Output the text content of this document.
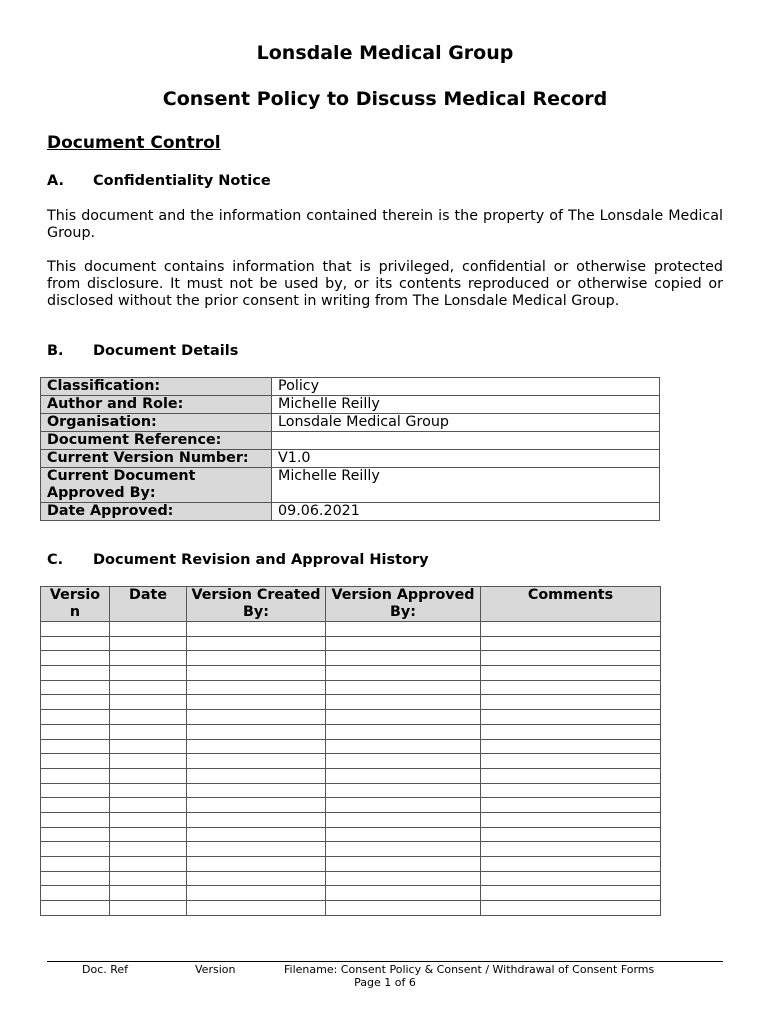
Lonsdale Medical Group
Consent Policy to Discuss Medical Record
Document Control
A. Confidentiality Notice
This document and the information contained therein is the property of The Lonsdale Medical Group.
This document contains information that is privileged, confidential or otherwise protected from disclosure. It must not be used by, or its contents reproduced or otherwise copied or disclosed without the prior consent in writing from The Lonsdale Medical Group.
B. Document Details
Classification:	Policy
Author and Role:	Michelle Reilly
Organisation:	Lonsdale Medical Group
Document Reference:	
Current Version Number:	V1.0
Current Document Approved By:	Michelle Reilly
Date Approved:	09.06.2021
C. Document Revision and Approval History
Versio n	Date	Version Created By:	Version Approved By:	Comments

Doc. Ref	Version	Filename: Consent Policy & Consent / Withdrawal of Consent Forms
Page 1 of 6
